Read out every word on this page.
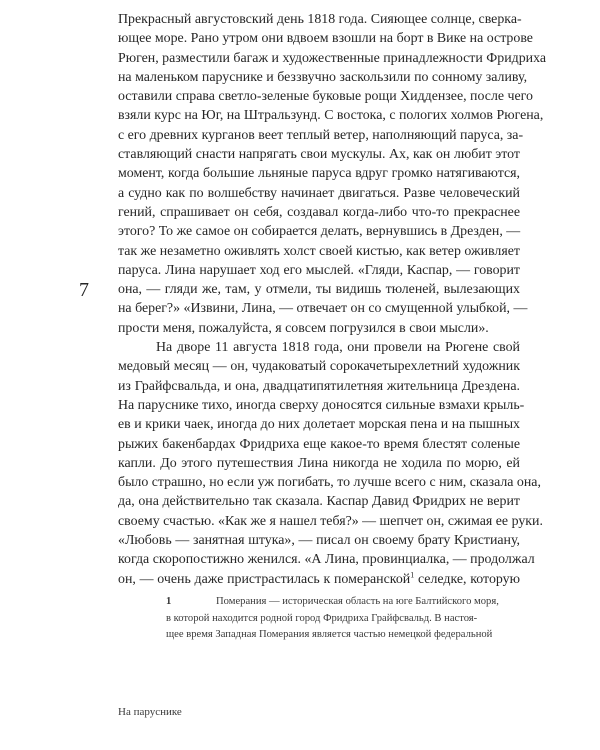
Прекрасный августовский день 1818 года. Сияющее солнце, сверка-
ющее море. Рано утром они вдвоем взошли на борт в Вике на острове
Рюген, разместили багаж и художественные принадлежности Фридриха
на маленьком паруснике и беззвучно заскользили по сонному заливу,
оставили справа светло-зеленые буковые рощи Хиддензее, после чего
взяли курс на Юг, на Штральзунд. С востока, с пологих холмов Рюгена,
с его древних курганов веет теплый ветер, наполняющий паруса, за-
ставляющий снасти напрягать свои мускулы. Ах, как он любит этот
момент, когда большие льняные паруса вдруг громко натягиваются,
а судно как по волшебству начинает двигаться. Разве человеческий
гений, спрашивает он себя, создавал когда-либо что-то прекраснее
этого? То же самое он собирается делать, вернувшись в Дрезден, —
так же незаметно оживлять холст своей кистью, как ветер оживляет
паруса. Лина нарушает ход его мыслей. «Гляди, Каспар, — говорит
она, — гляди же, там, у отмели, ты видишь тюленей, вылезающих
на берег?» «Извини, Лина, — отвечает он со смущенной улыбкой, —
прости меня, пожалуйста, я совсем погрузился в свои мысли».
На дворе 11 августа 1818 года, они провели на Рюгене свой
медовый месяц — он, чудаковатый сорокачетырехлетний художник
из Грайфсвальда, и она, двадцатипятилетняя жительница Дрездена.
На паруснике тихо, иногда сверху доносятся сильные взмахи крыль-
ев и крики чаек, иногда до них долетает морская пена и на пышных
рыжих бакенбардах Фридриха еще какое-то время блестят соленые
капли. До этого путешествия Лина никогда не ходила по морю, ей
было страшно, но если уж погибать, то лучше всего с ним, сказала она,
да, она действительно так сказала. Каспар Давид Фридрих не верит
своему счастью. «Как же я нашел тебя?» — шепчет он, сжимая ее руки.
«Любовь — занятная штука», — писал он своему брату Кристиану,
когда скоропостижно женился. «А Лина, провинциалка, — продолжал
он, — очень даже пристрастилась к померанской$^1$ селедке, которую
7
1	Померания — историческая область на юге Балтийского моря,
в которой находится родной город Фридриха Грайфсвальд. В настоя-
щее время Западная Померания является частью немецкой федеральной
На паруснике
